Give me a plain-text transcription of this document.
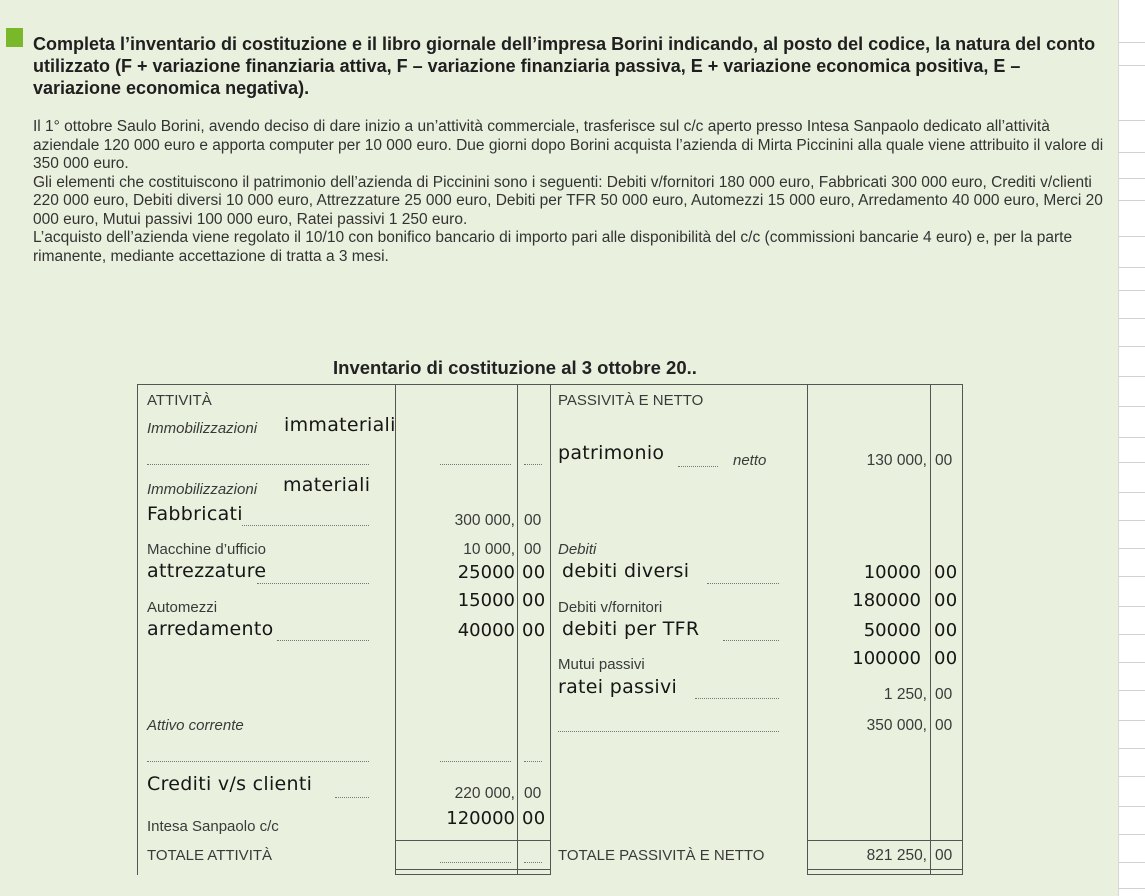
Completa l’inventario di costituzione e il libro giornale dell’impresa Borini indicando, al posto del codice, la natura del conto utilizzato (F + variazione finanziaria attiva, F – variazione finanziaria passiva, E + variazione economica positiva, E – variazione economica negativa).

Il 1° ottobre Saulo Borini, avendo deciso di dare inizio a un’attività commerciale, trasferisce sul c/c aperto presso Intesa Sanpaolo dedicato all’attività aziendale 120 000 euro e apporta computer per 10 000 euro. Due giorni dopo Borini acquista l’azienda di Mirta Piccinini alla quale viene attribuito il valore di 350 000 euro.

Gli elementi che costituiscono il patrimonio dell’azienda di Piccinini sono i seguenti: Debiti v/fornitori 180 000 euro, Fabbricati 300 000 euro, Crediti v/clienti 220 000 euro, Debiti diversi 10 000 euro, Attrezzature 25 000 euro, Debiti per TFR 50 000 euro, Automezzi 15 000 euro, Arredamento 40 000 euro, Merci 20 000 euro, Mutui passivi 100 000 euro, Ratei passivi 1 250 euro.

L’acquisto dell’azienda viene regolato il 10/10 con bonifico bancario di importo pari alle disponibilità del c/c (commissioni bancarie 4 euro) e, per la parte rimanente, mediante accettazione di tratta a 3 mesi.

Inventario di costituzione al 3 ottobre 20..
ATTIVITÀ
Immobilizzazioni immateriali
Immobilizzazioni materiali
Fabbricati	300 000, 00
Macchine d’ufficio	10 000, 00
attrezzature	25000 00
Automezzi	15000 00
arredamento	40000 00
Attivo corrente
Crediti v/s clienti	220 000, 00
Intesa Sanpaolo c/c	120000 00
TOTALE ATTIVITÀ
PASSIVITÀ E NETTO
patrimonio	netto	130 000, 00
Debiti
debiti diversi	10000 00
Debiti v/fornitori	180000 00
debiti per TFR	50000 00
Mutui passivi	100000 00
ratei passivi	1 250, 00
350 000, 00
TOTALE PASSIVITÀ E NETTO	821 250, 00
